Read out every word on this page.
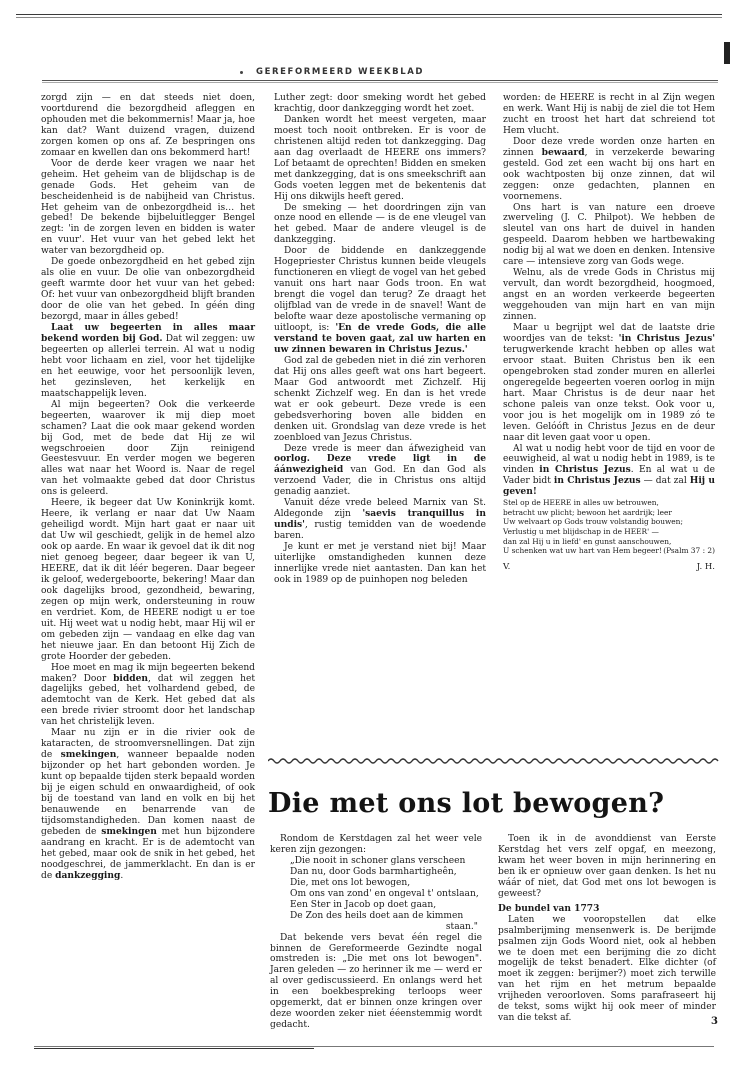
GEREFORMEERD WEEKBLAD

zorgd zijn — en dat steeds niet doen, voortdurend die bezorgdheid afleggen en ophouden met die bekommernis! Maar ja, hoe kan dat? Want duizend vragen, duizend zorgen komen op ons af. Ze bespringen ons zomaar en kwellen dan ons bekommerd hart!

Voor de derde keer vragen we naar het geheim. Het geheim van de blijdschap is de genade Gods. Het geheim van de bescheidenheid is de nabijheid van Christus. Het geheim van de onbezorgdheid is… het gebed! De bekende bijbeluitlegger Bengel zegt: 'in de zorgen leven en bidden is water en vuur'. Het vuur van het gebed lekt het water van bezorgdheid op.

De goede onbezorgdheid en het gebed zijn als olie en vuur. De olie van onbezorgdheid geeft warmte door het vuur van het gebed: Of: het vuur van onbezorgdheid blijft branden door de olie van het gebed. In géén ding bezorgd, maar in álles gebed!

Laat uw begeerten in alles maar bekend worden bij God. Dat wil zeggen: uw begeerten op allerlei terrein. Al wat u nodig hebt voor lichaam en ziel, voor het tijdelijke en het eeuwige, voor het persoonlijk leven, het gezinsleven, het kerkelijk en maatschappelijk leven.

Al mijn begeerten? Ook die verkeerde begeerten, waarover ik mij diep moet schamen? Laat die ook maar gekend worden bij God, met de bede dat Hij ze wil wegschroeien door Zijn reinigend Geestesvuur. En verder mogen we begeren alles wat naar het Woord is. Naar de regel van het volmaakte gebed dat door Christus ons is geleerd.

Heere, ik begeer dat Uw Koninkrijk komt. Heere, ik verlang er naar dat Uw Naam geheiligd wordt. Mijn hart gaat er naar uit dat Uw wil geschiedt, gelijk in de hemel alzo ook op aarde. En waar ik gevoel dat ik dit nog niet genoeg begeer, daar begeer ik van U, HEERE, dat ik dit léér begeren. Daar begeer ik geloof, wedergeboorte, bekering! Maar dan ook dagelijks brood, gezondheid, bewaring, zegen op mijn werk, ondersteuning in rouw en verdriet. Kom, de HEERE nodigt u er toe uit. Hij weet wat u nodig hebt, maar Hij wil er om gebeden zijn — vandaag en elke dag van het nieuwe jaar. En dan betoont Hij Zich de grote Hoorder der gebeden.

Hoe moet en mag ik mijn begeerten bekend maken? Door bidden, dat wil zeggen het dagelijks gebed, het volhardend gebed, de ademtocht van de Kerk. Het gebed dat als een brede rivier stroomt door het landschap van het christelijk leven.

Maar nu zijn er in die rivier ook de kataracten, de stroomversnellingen. Dat zijn de smekingen, wanneer bepaalde noden bijzonder op het hart gebonden worden. Je kunt op bepaalde tijden sterk bepaald worden bij je eigen schuld en onwaardigheid, of ook bij de toestand van land en volk en bij het benauwende en benarrende van de tijdsomstandigheden. Dan komen naast de gebeden de smekingen met hun bijzondere aandrang en kracht. Er is de ademtocht van het gebed, maar ook de snik in het gebed, het noodgeschrei, de jammerklacht. En dan is er de dankzegging.

Luther zegt: door smeking wordt het gebed krachtig, door dankzegging wordt het zoet.

Danken wordt het meest vergeten, maar moest toch nooit ontbreken. Er is voor de christenen altijd reden tot dankzegging. Dag aan dag overlaadt de HEERE ons immers? Lof betaamt de oprechten! Bidden en smeken met dankzegging, dat is ons smeekschrift aan Gods voeten leggen met de bekentenis dat Hij ons dikwijls heeft gered.

De smeking — het doordringen zijn van onze nood en ellende — is de ene vleugel van het gebed. Maar de andere vleugel is de dankzegging.

Door de biddende en dankzeggende Hogepriester Christus kunnen beide vleugels functioneren en vliegt de vogel van het gebed vanuit ons hart naar Gods troon. En wat brengt die vogel dan terug? Ze draagt het olijfblad van de vrede in de snavel! Want de belofte waar deze apostolische vermaning op uitloopt, is: 'En de vrede Gods, die alle verstand te boven gaat, zal uw harten en uw zinnen bewaren in Christus Jezus.'

God zal de gebeden niet in dié zin verhoren dat Hij ons alles geeft wat ons hart begeert. Maar God antwoordt met Zichzelf. Hij schenkt Zichzelf weg. En dan is het vrede wat er ook gebeurt. Deze vrede is een gebedsverhoring boven alle bidden en denken uit. Grondslag van deze vrede is het zoenbloed van Jezus Christus.

Deze vrede is meer dan áfwezigheid van oorlog. Deze vrede ligt in de áánwezigheid van God. En dan God als verzoend Vader, die in Christus ons altijd genadig aanziet.

Vanuit déze vrede beleed Marnix van St. Aldegonde zijn 'saevis tranquillus in undis', rustig temidden van de woedende baren.

Je kunt er met je verstand niet bij! Maar uiterlijke omstandigheden kunnen deze innerlijke vrede niet aantasten. Dan kan het ook in 1989 op de puinhopen nog beleden

worden: de HEERE is recht in al Zijn wegen en werk. Want Hij is nabij de ziel die tot Hem zucht en troost het hart dat schreiend tot Hem vlucht.

Door deze vrede worden onze harten en zinnen bewaard, in verzekerde bewaring gesteld. God zet een wacht bij ons hart en ook wachtposten bij onze zinnen, dat wil zeggen: onze gedachten, plannen en voornemens.

Ons hart is van nature een droeve zwerveling (J. C. Philpot). We hebben de sleutel van ons hart de duivel in handen gespeeld. Daarom hebben we hartbewaking nodig bij al wat we doen en denken. Intensive care — intensieve zorg van Gods wege.

Welnu, als de vrede Gods in Christus mij vervult, dan wordt bezorgdheid, hoogmoed, angst en an worden verkeerde begeerten weggehouden van mijn hart en van mijn zinnen.

Maar u begrijpt wel dat de laatste drie woordjes van de tekst: 'in Christus Jezus' terugwerkende kracht hebben op alles wat ervoor staat. Buiten Christus ben ik een opengebroken stad zonder muren en allerlei ongeregelde begeerten voeren oorlog in mijn hart. Maar Christus is de deur naar het schone paleis van onze tekst. Ook voor u, voor jou is het mogelijk om in 1989 zó te leven. Gelóóft in Christus Jezus en de deur naar dit leven gaat voor u open.

Al wat u nodig hebt voor de tijd en voor de eeuwigheid, al wat u nodig hebt in 1989, is te vinden in Christus Jezus. En al wat u de Vader bidt in Christus Jezus — dat zal Hij u geven!

Stel op de HEERE in alles uw betrouwen,
betracht uw plicht; bewoon het aardrijk; leer
Uw welvaart op Gods trouw volstandig bouwen;
Verlustig u met blijdschap in de HEER' —
dan zal Hij u in liefd' en gunst aanschouwen,
U schenken wat uw hart van Hem begeer! (Psalm 37 : 2)

V.	J. H.
Die met ons lot bewogen?

Rondom de Kerstdagen zal het weer vele keren zijn gezongen:

„Die nooit in schoner glans verscheen
Dan nu, door Gods barmhartigheên,
Die, met ons lot bewogen,
Om ons van zond' en ongeval t' ontslaan,
Een Ster in Jacob op doet gaan,
De Zon des heils doet aan de kimmen
staan."

Dat bekende vers bevat één regel die binnen de Gereformeerde Gezindte nogal omstreden is: „Die met ons lot bewogen". Jaren geleden — zo herinner ik me — werd er al over gediscussieerd. En onlangs werd het in een boekbespreking terloops weer opgemerkt, dat er binnen onze kringen over deze woorden zeker niet ééenstemmig wordt gedacht.

Toen ik in de avonddienst van Eerste Kerstdag het vers zelf opgaf, en meezong, kwam het weer boven in mijn herinnering en ben ik er opnieuw over gaan denken. Is het nu wáár of niet, dat God met ons lot bewogen is geweest?

De bundel van 1773

Laten we vooropstellen dat elke psalmberijming mensenwerk is. De berijmde psalmen zijn Gods Woord niet, ook al hebben we te doen met een berijming die zo dicht mogelijk de tekst benadert. Elke dichter (of moet ik zeggen: berijmer?) moet zich terwille van het rijm en het metrum bepaalde vrijheden veroorloven. Soms parafraseert hij de tekst, soms wijkt hij ook meer of minder van die tekst af.	3
